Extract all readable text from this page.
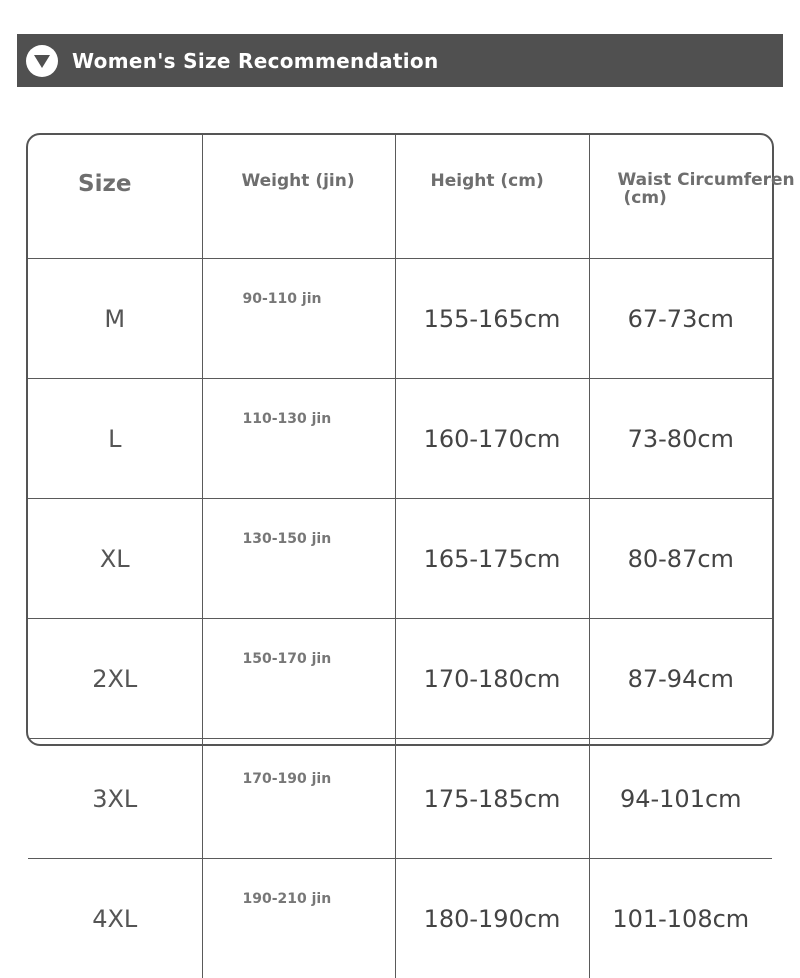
Women's Size Recommendation
Size	Weight (jin)	Height (cm)	Waist Circumferen
(cm)

M	90-110 jin	155-165cm	67-73cm
L	110-130 jin	160-170cm	73-80cm
XL	130-150 jin	165-175cm	80-87cm
2XL	150-170 jin	170-180cm	87-94cm
3XL	170-190 jin	175-185cm	94-101cm
4XL	190-210 jin	180-190cm	101-108cm
